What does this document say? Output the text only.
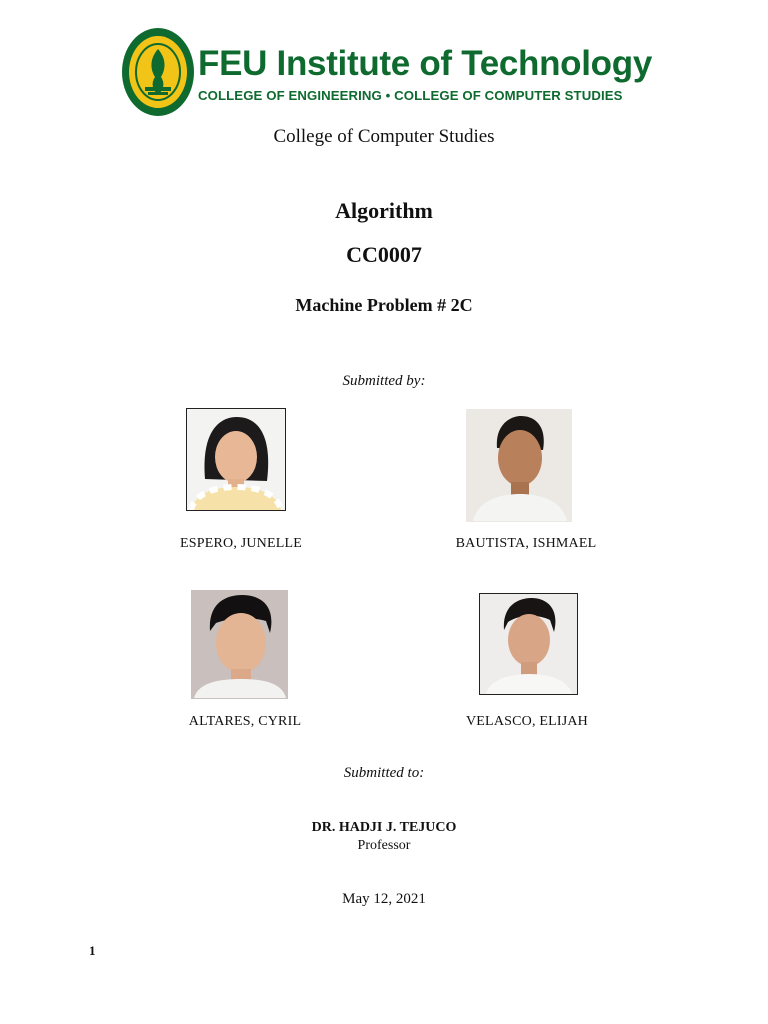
FEU Institute of Technology
COLLEGE OF ENGINEERING • COLLEGE OF COMPUTER STUDIES
College of Computer Studies
Algorithm
CC0007
Machine Problem # 2C
Submitted by:
ESPERO, JUNELLE	BAUTISTA, ISHMAEL
ALTARES, CYRIL	VELASCO, ELIJAH
Submitted to:
DR. HADJI J. TEJUCO
Professor
May 12, 2021
1
